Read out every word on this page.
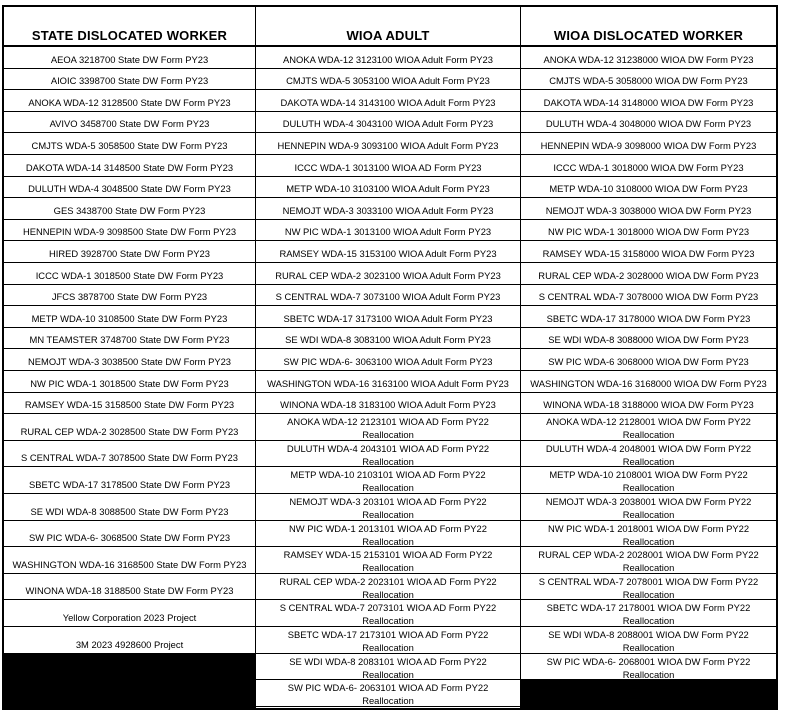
STATE DISLOCATED WORKER
AEOA 3218700 State DW Form PY23
AIOIC 3398700 State DW Form PY23
ANOKA WDA-12 3128500 State DW Form PY23
AVIVO 3458700 State DW Form PY23
CMJTS WDA-5 3058500 State DW Form PY23
DAKOTA WDA-14 3148500 State DW Form PY23
DULUTH WDA-4 3048500 State DW Form PY23
GES 3438700 State DW Form PY23
HENNEPIN WDA-9 3098500 State DW Form PY23
HIRED 3928700 State DW Form PY23
ICCC WDA-1 3018500 State DW Form PY23
JFCS 3878700 State DW Form PY23
METP WDA-10 3108500 State DW Form PY23
MN TEAMSTER 3748700 State DW Form PY23
NEMOJT WDA-3 3038500 State DW Form PY23
NW PIC WDA-1 3018500 State DW Form PY23
RAMSEY WDA-15 3158500 State DW Form PY23
RURAL CEP WDA-2 3028500 State DW Form PY23
S CENTRAL WDA-7 3078500 State DW Form PY23
SBETC WDA-17 3178500 State DW Form PY23
SE WDI WDA-8 3088500 State DW Form PY23
SW PIC WDA-6- 3068500 State DW Form PY23
WASHINGTON WDA-16 3168500 State DW Form PY23
WINONA WDA-18 3188500 State DW Form PY23
Yellow Corporation 2023 Project
3M 2023 4928600 Project
WIOA ADULT
ANOKA WDA-12 3123100 WIOA Adult Form PY23
CMJTS WDA-5 3053100 WIOA Adult Form PY23
DAKOTA WDA-14 3143100 WIOA Adult Form PY23
DULUTH WDA-4 3043100 WIOA Adult Form PY23
HENNEPIN WDA-9 3093100 WIOA Adult Form PY23
ICCC WDA-1 3013100 WIOA AD Form PY23
METP WDA-10 3103100 WIOA Adult Form PY23
NEMOJT WDA-3 3033100 WIOA Adult Form PY23
NW PIC WDA-1 3013100 WIOA Adult Form PY23
RAMSEY WDA-15 3153100 WIOA Adult Form PY23
RURAL CEP WDA-2 3023100 WIOA Adult Form PY23
S CENTRAL WDA-7 3073100 WIOA Adult Form PY23
SBETC WDA-17 3173100 WIOA Adult Form PY23
SE WDI WDA-8 3083100 WIOA Adult Form PY23
SW PIC WDA-6- 3063100 WIOA Adult Form PY23
WASHINGTON WDA-16 3163100 WIOA Adult Form PY23
WINONA WDA-18 3183100 WIOA Adult Form PY23
ANOKA WDA-12 2123101 WIOA AD Form PY22
Reallocation
DULUTH WDA-4 2043101 WIOA AD Form PY22
Reallocation
METP WDA-10 2103101 WIOA AD Form PY22
Reallocation
NEMOJT WDA-3 203101 WIOA AD Form PY22
Reallocation
NW PIC WDA-1 2013101 WIOA AD Form PY22
Reallocation
RAMSEY WDA-15 2153101 WIOA AD Form PY22
Reallocation
RURAL CEP WDA-2 2023101 WIOA AD Form PY22
Reallocation
S CENTRAL WDA-7 2073101 WIOA AD Form PY22
Reallocation
SBETC WDA-17 2173101 WIOA AD Form PY22
Reallocation
SE WDI WDA-8 2083101 WIOA AD Form PY22
Reallocation
SW PIC WDA-6- 2063101 WIOA AD Form PY22
Reallocation
WIOA DISLOCATED WORKER
ANOKA WDA-12 31238000 WIOA DW Form PY23
CMJTS WDA-5 3058000 WIOA DW Form PY23
DAKOTA WDA-14 3148000 WIOA DW Form PY23
DULUTH WDA-4 3048000 WIOA DW Form PY23
HENNEPIN WDA-9 3098000 WIOA DW Form PY23
ICCC WDA-1 3018000 WIOA DW Form PY23
METP WDA-10 3108000 WIOA DW Form PY23
NEMOJT WDA-3 3038000 WIOA DW Form PY23
NW PIC WDA-1 3018000 WIOA DW Form PY23
RAMSEY WDA-15 3158000 WIOA DW Form PY23
RURAL CEP WDA-2 3028000 WIOA DW Form PY23
S CENTRAL WDA-7 3078000 WIOA DW Form PY23
SBETC WDA-17 3178000 WIOA DW Form PY23
SE WDI WDA-8 3088000 WIOA DW Form PY23
SW PIC WDA-6 3068000 WIOA DW Form PY23
WASHINGTON WDA-16 3168000 WIOA DW Form PY23
WINONA WDA-18 3188000 WIOA DW Form PY23
ANOKA WDA-12 2128001 WIOA DW Form PY22
Reallocation
DULUTH WDA-4 2048001 WIOA DW Form PY22
Reallocation
METP WDA-10 2108001 WIOA DW Form PY22
Reallocation
NEMOJT WDA-3 2038001 WIOA DW Form PY22
Reallocation
NW PIC WDA-1 2018001 WIOA DW Form PY22
Reallocation
RURAL CEP WDA-2 2028001 WIOA DW Form PY22
Reallocation
S CENTRAL WDA-7 2078001 WIOA DW Form PY22
Reallocation
SBETC WDA-17 2178001 WIOA DW Form PY22
Reallocation
SE WDI WDA-8 2088001 WIOA DW Form PY22
Reallocation
SW PIC WDA-6- 2068001 WIOA DW Form PY22
Reallocation
